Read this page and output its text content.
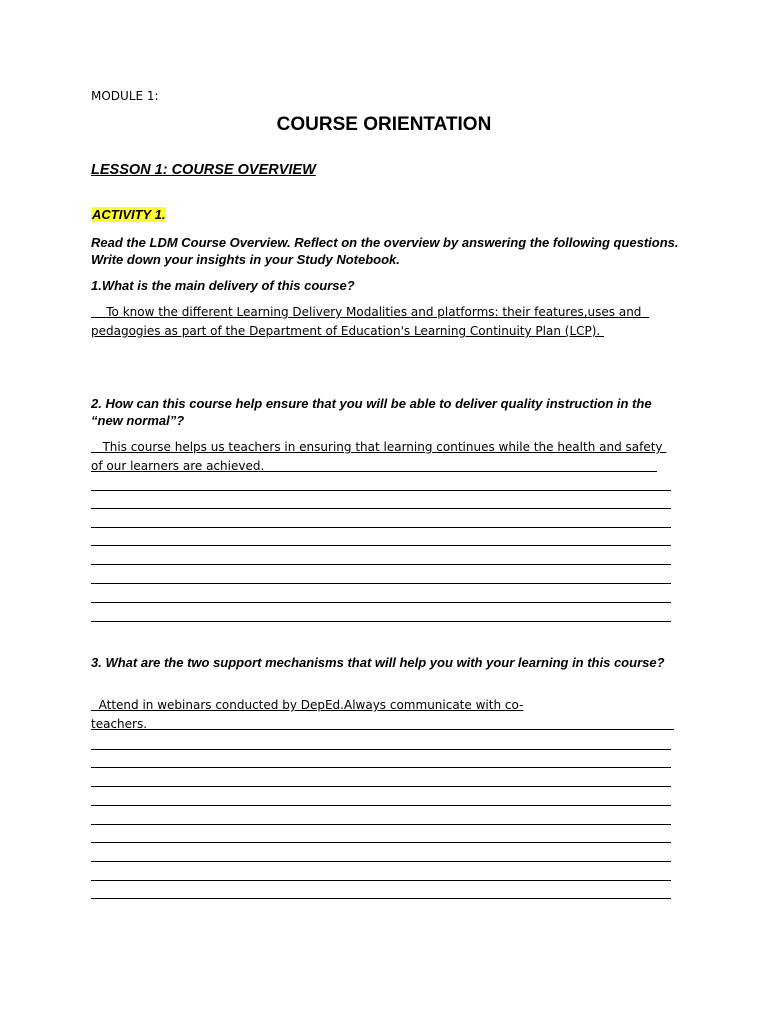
MODULE 1:
COURSE ORIENTATION
LESSON 1: COURSE OVERVIEW
ACTIVITY 1.
Read the LDM Course Overview. Reflect on the overview by answering the following questions. Write down your insights in your Study Notebook.
1.What is the main delivery of this course?
To know the different Learning Delivery Modalities and platforms: their features,uses and  pedagogies as part of the Department of Education's Learning Continuity Plan (LCP).
2. How can this course help ensure that you will be able to deliver quality instruction in the “new normal”?
This course helps us teachers in ensuring that learning continues while the health and safety of our learners are achieved.
3. What are the two support mechanisms that will help you with your learning in this course?
Attend in webinars conducted by DepEd.Always communicate with co-
teachers.
